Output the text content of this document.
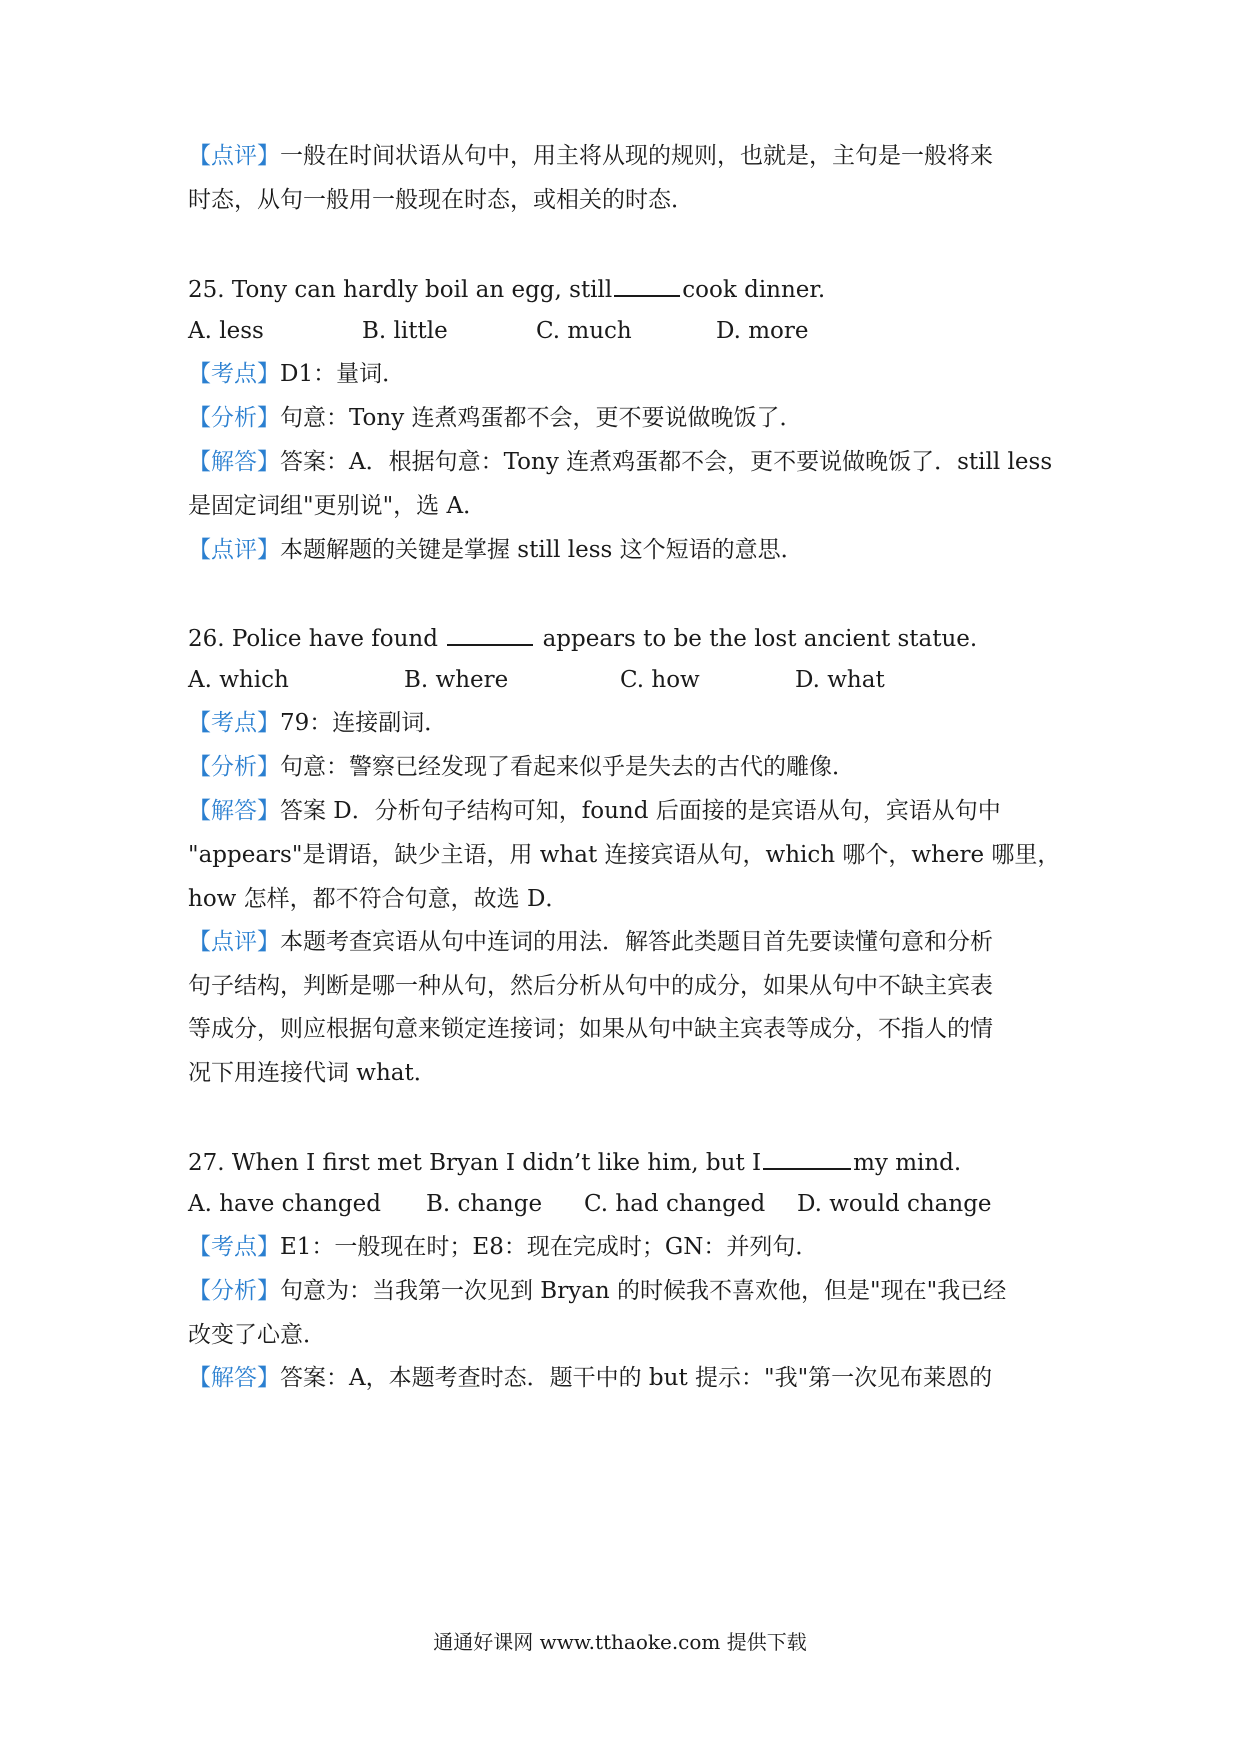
【点评】一般在时间状语从句中，用主将从现的规则，也就是，主句是一般将来
时态，从句一般用一般现在时态，或相关的时态．
25. Tony can hardly boil an egg, still	cook dinner.
A. less	B. little	C. much	D. more
【考点】D1：量词．
【分析】句意：Tony 连煮鸡蛋都不会，更不要说做晚饭了．
【解答】答案：A．根据句意：Tony 连煮鸡蛋都不会，更不要说做晚饭了．still less
是固定词组"更别说"，选 A．
【点评】本题解题的关键是掌握 still less 这个短语的意思．
26. Police have found	appears to be the lost ancient statue.
A. which	B. where	C. how	D. what
【考点】79：连接副词．
【分析】句意：警察已经发现了看起来似乎是失去的古代的雕像．
【解答】答案 D．分析句子结构可知，found 后面接的是宾语从句，宾语从句中
"appears"是谓语，缺少主语，用 what 连接宾语从句，which 哪个，where 哪里，
how 怎样，都不符合句意，故选 D．
【点评】本题考查宾语从句中连词的用法．解答此类题目首先要读懂句意和分析
句子结构，判断是哪一种从句，然后分析从句中的成分，如果从句中不缺主宾表
等成分，则应根据句意来锁定连接词；如果从句中缺主宾表等成分，不指人的情
况下用连接代词 what．
27. When I first met Bryan I didn’t like him, but I	my mind.
A. have changed B. change C. had changed D. would change
【考点】E1：一般现在时；E8：现在完成时；GN：并列句．
【分析】句意为：当我第一次见到 Bryan 的时候我不喜欢他，但是"现在"我已经
改变了心意．
【解答】答案：A，本题考查时态．题干中的 but 提示："我"第一次见布莱恩的
通通好课网 www.tthaoke.com 提供下载
